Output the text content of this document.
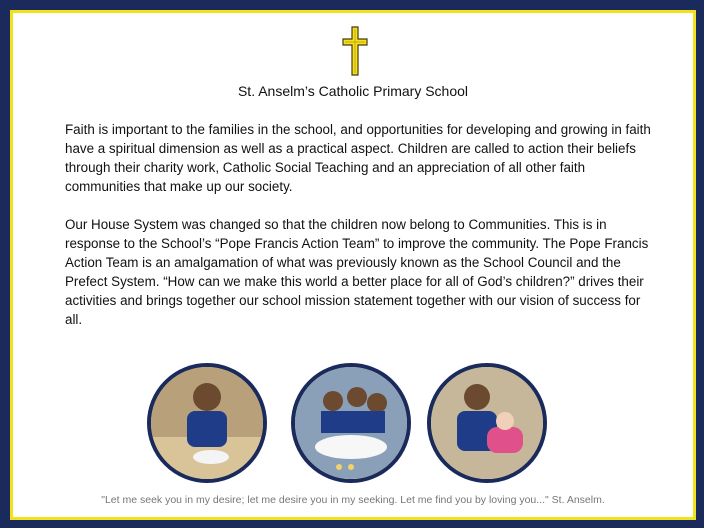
St. Anselm’s Catholic Primary School

Faith is important to the families in the school, and opportunities for developing and growing in faith have a spiritual dimension as well as a practical aspect. Children are called to action their beliefs through their charity work, Catholic Social Teaching and an appreciation of all other faith communities that make up our society.

Our House System was changed so that the children now belong to Communities. This is in response to the School’s “Pope Francis Action Team” to improve the community. The Pope Francis Action Team is an amalgamation of what was previously known as the School Council and the Prefect System. “How can we make this world a better place for all of God’s children?” drives their activities and brings together our school mission statement together with our vision of success for all.

"Let me seek you in my desire; let me desire you in my seeking. Let me find you by loving you..." St. Anselm.
